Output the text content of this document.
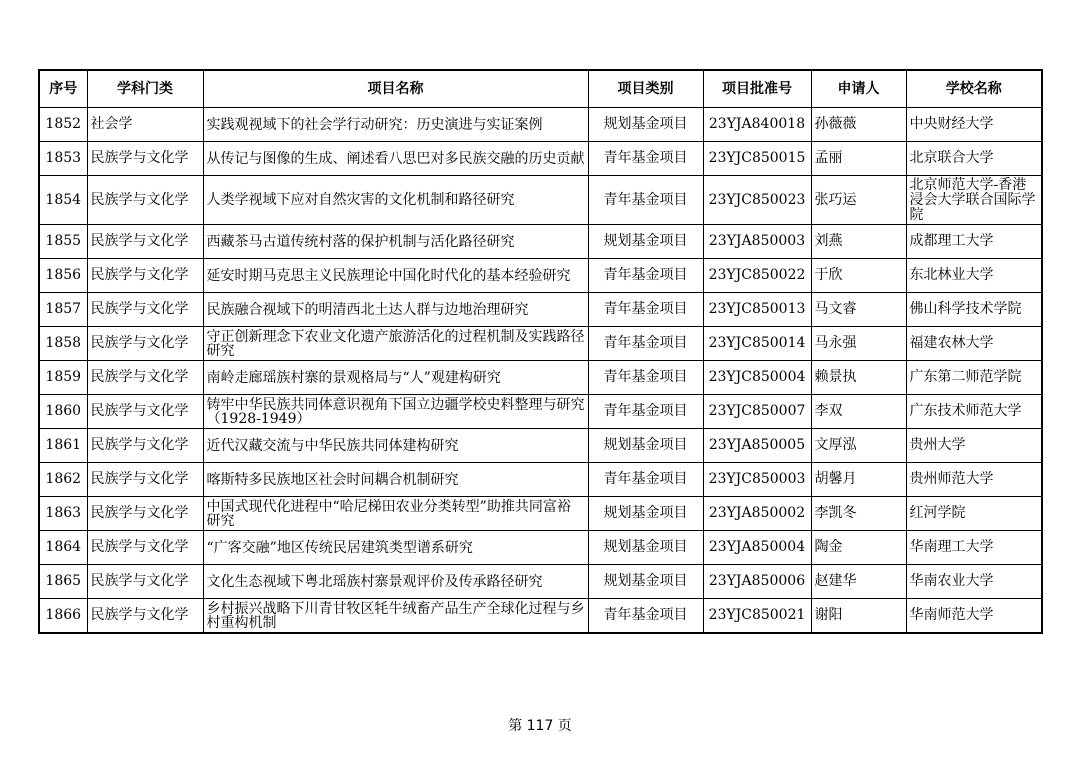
序号	学科门类	项目名称	项目类别	项目批准号	申请人	学校名称
1852	社会学	实践观视域下的社会学行动研究：历史演进与实证案例	规划基金项目	23YJA840018	孙薇薇	中央财经大学
1853	民族学与文化学	从传记与图像的生成、阐述看八思巴对多民族交融的历史贡献	青年基金项目	23YJC850015	孟丽	北京联合大学
1854	民族学与文化学	人类学视域下应对自然灾害的文化机制和路径研究	青年基金项目	23YJC850023	张巧运	北京师范大学-香港浸会大学联合国际学院
1855	民族学与文化学	西藏茶马古道传统村落的保护机制与活化路径研究	规划基金项目	23YJA850003	刘燕	成都理工大学
1856	民族学与文化学	延安时期马克思主义民族理论中国化时代化的基本经验研究	青年基金项目	23YJC850022	于欣	东北林业大学
1857	民族学与文化学	民族融合视域下的明清西北土达人群与边地治理研究	青年基金项目	23YJC850013	马文睿	佛山科学技术学院
1858	民族学与文化学	守正创新理念下农业文化遗产旅游活化的过程机制及实践路径研究	青年基金项目	23YJC850014	马永强	福建农林大学
1859	民族学与文化学	南岭走廊瑶族村寨的景观格局与“人”观建构研究	青年基金项目	23YJC850004	赖景执	广东第二师范学院
1860	民族学与文化学	铸牢中华民族共同体意识视角下国立边疆学校史料整理与研究（1928-1949）	青年基金项目	23YJC850007	李双	广东技术师范大学
1861	民族学与文化学	近代汉藏交流与中华民族共同体建构研究	规划基金项目	23YJA850005	文厚泓	贵州大学
1862	民族学与文化学	喀斯特多民族地区社会时间耦合机制研究	青年基金项目	23YJC850003	胡馨月	贵州师范大学
1863	民族学与文化学	中国式现代化进程中“哈尼梯田农业分类转型”助推共同富裕研究	规划基金项目	23YJA850002	李凯冬	红河学院
1864	民族学与文化学	“广客交融”地区传统民居建筑类型谱系研究	规划基金项目	23YJA850004	陶金	华南理工大学
1865	民族学与文化学	文化生态视域下粤北瑶族村寨景观评价及传承路径研究	规划基金项目	23YJA850006	赵建华	华南农业大学
1866	民族学与文化学	乡村振兴战略下川青甘牧区牦牛绒畜产品生产全球化过程与乡村重构机制	青年基金项目	23YJC850021	谢阳	华南师范大学
第 117 页
